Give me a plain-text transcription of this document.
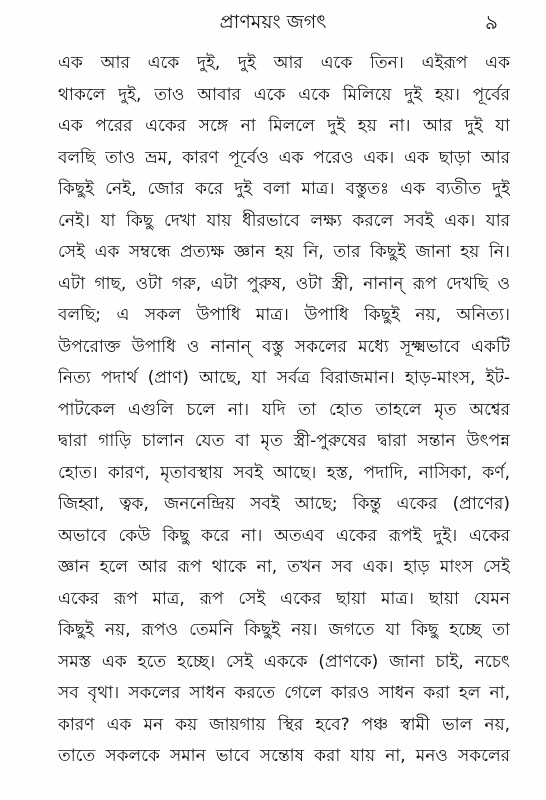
প্রাণময়ং জগৎ	৯
এক আর একে দুই, দুই আর একে তিন। এইরূপ এক
থাকলে দুই, তাও আবার একে একে মিলিয়ে দুই হয়। পূর্বের
এক পরের একের সঙ্গে না মিললে দুই হয় না। আর দুই যা
বলছি তাও ভ্রম, কারণ পূর্বেও এক পরেও এক। এক ছাড়া আর
কিছুই নেই, জোর করে দুই বলা মাত্র। বস্তুতঃ এক ব্যতীত দুই
নেই। যা কিছু দেখা যায় ধীরভাবে লক্ষ্য করলে সবই এক। যার
সেই এক সম্বন্ধে প্রত্যক্ষ জ্ঞান হয় নি, তার কিছুই জানা হয় নি।
এটা গাছ, ওটা গরু, এটা পুরুষ, ওটা স্ত্রী, নানান্ রূপ দেখছি ও
বলছি; এ সকল উপাধি মাত্র। উপাধি কিছুই নয়, অনিত্য।
উপরোক্ত উপাধি ও নানান্ বস্তু সকলের মধ্যে সূক্ষ্মভাবে একটি
নিত্য পদার্থ (প্রাণ) আছে, যা সর্বত্র বিরাজমান। হাড়-মাংস, ইট-
পাটকেল এগুলি চলে না। যদি তা হোত তাহলে মৃত অশ্বের
দ্বারা গাড়ি চালান যেত বা মৃত স্ত্রী-পুরুষের দ্বারা সন্তান উৎপন্ন
হোত। কারণ, মৃতাবস্থায় সবই আছে। হস্ত, পদাদি, নাসিকা, কর্ণ,
জিহ্বা, ত্বক, জননেন্দ্রিয় সবই আছে; কিন্তু একের (প্রাণের)
অভাবে কেউ কিছু করে না। অতএব একের রূপই দুই। একের
জ্ঞান হলে আর রূপ থাকে না, তখন সব এক। হাড় মাংস সেই
একের রূপ মাত্র, রূপ সেই একের ছায়া মাত্র। ছায়া যেমন
কিছুই নয়, রূপও তেমনি কিছুই নয়। জগতে যা কিছু হচ্ছে তা
সমস্ত এক হতে হচ্ছে। সেই এককে (প্রাণকে) জানা চাই, নচেৎ
সব বৃথা। সকলের সাধন করতে গেলে কারও সাধন করা হল না,
কারণ এক মন কয় জায়গায় স্থির হবে? পঞ্চ স্বামী ভাল নয়,
তাতে সকলকে সমান ভাবে সন্তোষ করা যায় না, মনও সকলের
